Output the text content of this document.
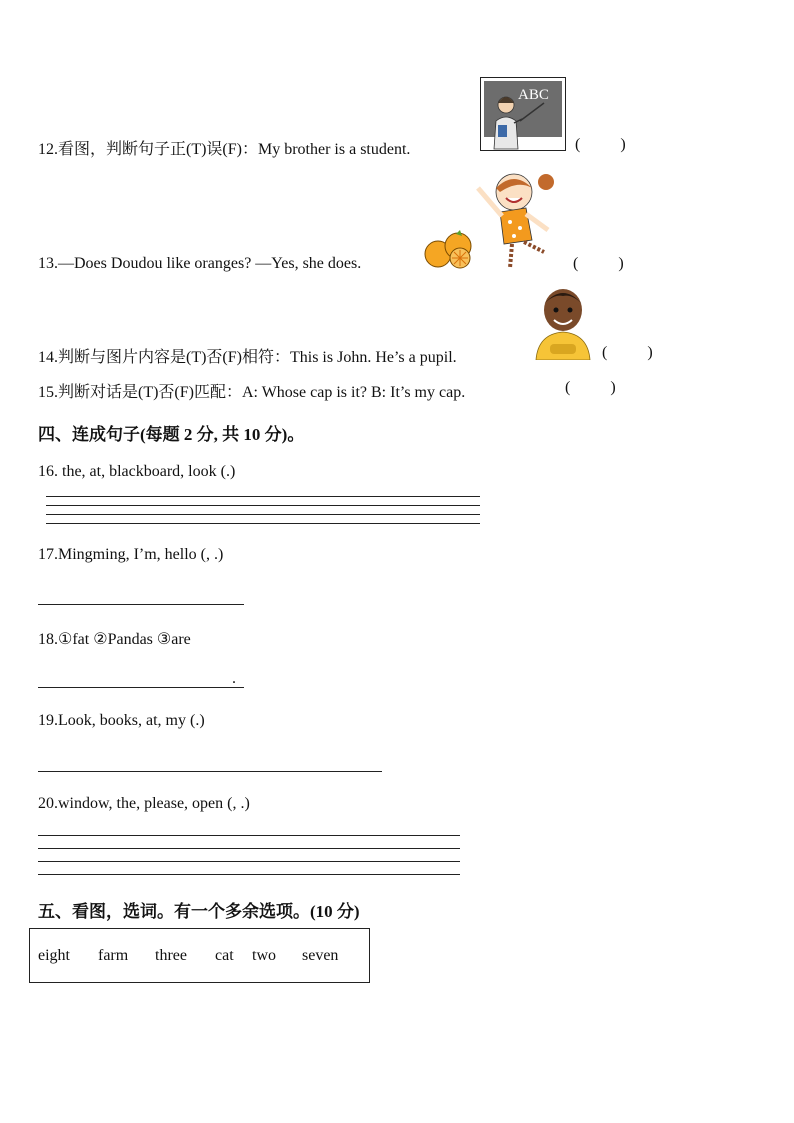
12.看图，判断句子正(T)误(F)：My brother is a student.
ABC
(          )
13.—Does Doudou like oranges? —Yes, she does.	(          )
14.判断与图片内容是(T)否(F)相符：This is John. He’s a pupil.	(          )
15.判断对话是(T)否(F)匹配：A: Whose cap is it? B: It’s my cap.	(          )
四、连成句子(每题 2 分, 共 10 分)。
16. the, at, blackboard, look (.)
17.Mingming, I’m, hello (, .)
18.①fat ②Pandas ③are
.
19.Look, books, at, my (.)
20.window, the, please, open (, .)
五、看图，选词。有一个多余选项。(10 分)
eight farm three cat two seven
